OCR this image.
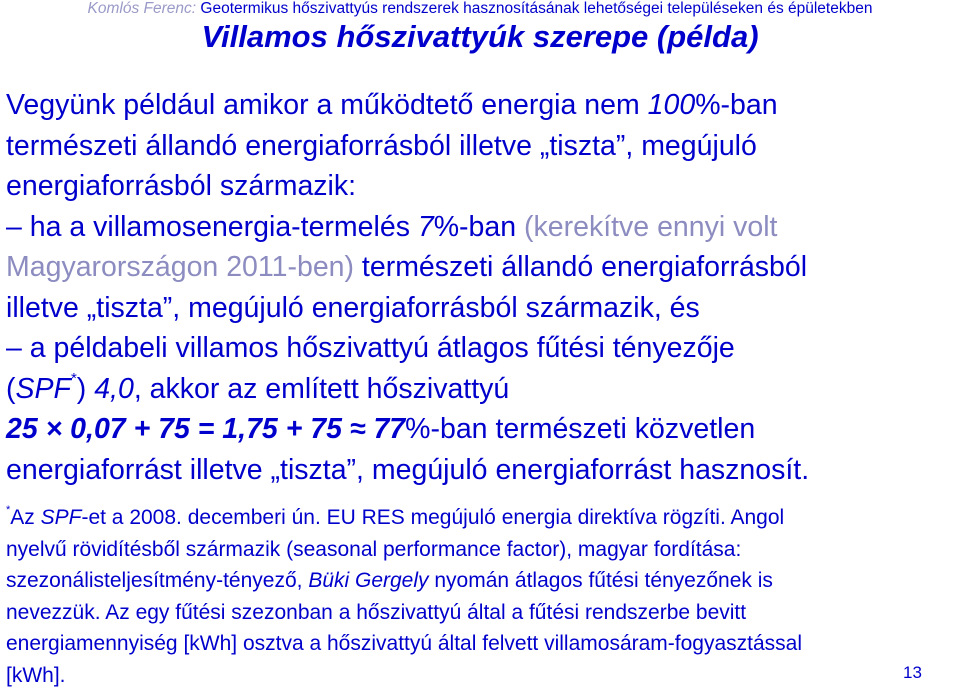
Komlós Ferenc: Geotermikus hőszivattyús rendszerek hasznosításának lehetőségei településeken és épületekben
Villamos hőszivattyúk szerepe (példa)
Vegyünk például amikor a működtető energia nem 100%-ban
természeti állandó energiaforrásból illetve „tiszta”, megújuló
energiaforrásból származik:
– ha a villamosenergia-termelés 7%-ban (kerekítve ennyi volt
Magyarországon 2011-ben) természeti állandó energiaforrásból
illetve „tiszta”, megújuló energiaforrásból származik, és
– a példabeli villamos hőszivattyú átlagos fűtési tényezője
(SPF*) 4,0, akkor az említett hőszivattyú
25 × 0,07 + 75 = 1,75 + 75 ≈ 77%-ban természeti közvetlen
energiaforrást illetve „tiszta”, megújuló energiaforrást hasznosít.
*Az SPF-et a 2008. decemberi ún. EU RES megújuló energia direktíva rögzíti. Angol
nyelvű rövidítésből származik (seasonal performance factor), magyar fordítása:
szezonálisteljesítmény-tényező, Büki Gergely nyomán átlagos fűtési tényezőnek is
nevezzük. Az egy fűtési szezonban a hőszivattyú által a fűtési rendszerbe bevitt
energiamennyiség [kWh] osztva a hőszivattyú által felvett villamosáram-fogyasztással
[kWh].	13
